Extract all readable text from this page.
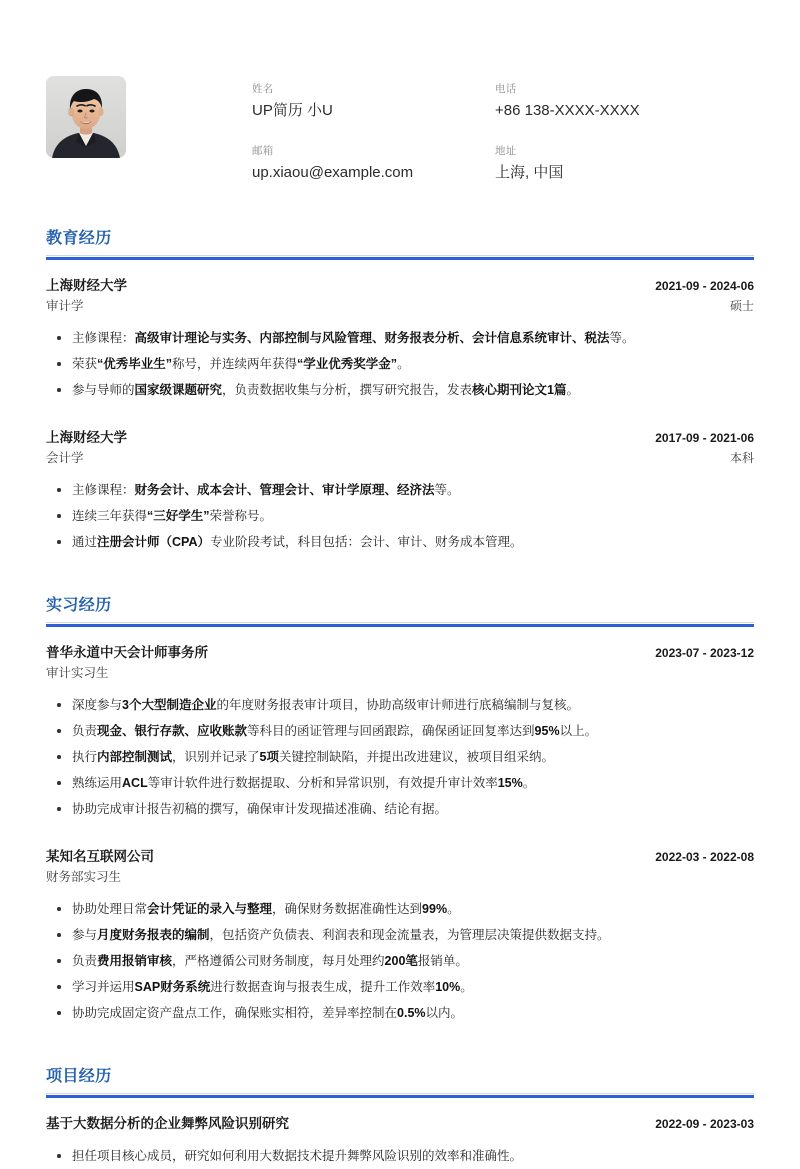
姓名
UP简历 小U
电话
+86 138-XXXX-XXXX
邮箱
up.xiaou@example.com
地址
上海, 中国
教育经历
上海财经大学	2021-09 - 2024-06
审计学	硕士
主修课程：高级审计理论与实务、内部控制与风险管理、财务报表分析、会计信息系统审计、税法等。
荣获“优秀毕业生”称号，并连续两年获得“学业优秀奖学金”。
参与导师的国家级课题研究，负责数据收集与分析，撰写研究报告，发表核心期刊论文1篇。
上海财经大学	2017-09 - 2021-06
会计学	本科
主修课程：财务会计、成本会计、管理会计、审计学原理、经济法等。
连续三年获得“三好学生”荣誉称号。
通过注册会计师（CPA）专业阶段考试，科目包括：会计、审计、财务成本管理。
实习经历
普华永道中天会计师事务所	2023-07 - 2023-12
审计实习生
深度参与3个大型制造企业的年度财务报表审计项目，协助高级审计师进行底稿编制与复核。
负责现金、银行存款、应收账款等科目的函证管理与回函跟踪，确保函证回复率达到95%以上。
执行内部控制测试，识别并记录了5项关键控制缺陷，并提出改进建议，被项目组采纳。
熟练运用ACL等审计软件进行数据提取、分析和异常识别，有效提升审计效率15%。
协助完成审计报告初稿的撰写，确保审计发现描述准确、结论有据。
某知名互联网公司	2022-03 - 2022-08
财务部实习生
协助处理日常会计凭证的录入与整理，确保财务数据准确性达到99%。
参与月度财务报表的编制，包括资产负债表、利润表和现金流量表，为管理层决策提供数据支持。
负责费用报销审核，严格遵循公司财务制度，每月处理约200笔报销单。
学习并运用SAP财务系统进行数据查询与报表生成，提升工作效率10%。
协助完成固定资产盘点工作，确保账实相符，差异率控制在0.5%以内。
项目经历
基于大数据分析的企业舞弊风险识别研究	2022-09 - 2023-03
担任项目核心成员，研究如何利用大数据技术提升舞弊风险识别的效率和准确性。
